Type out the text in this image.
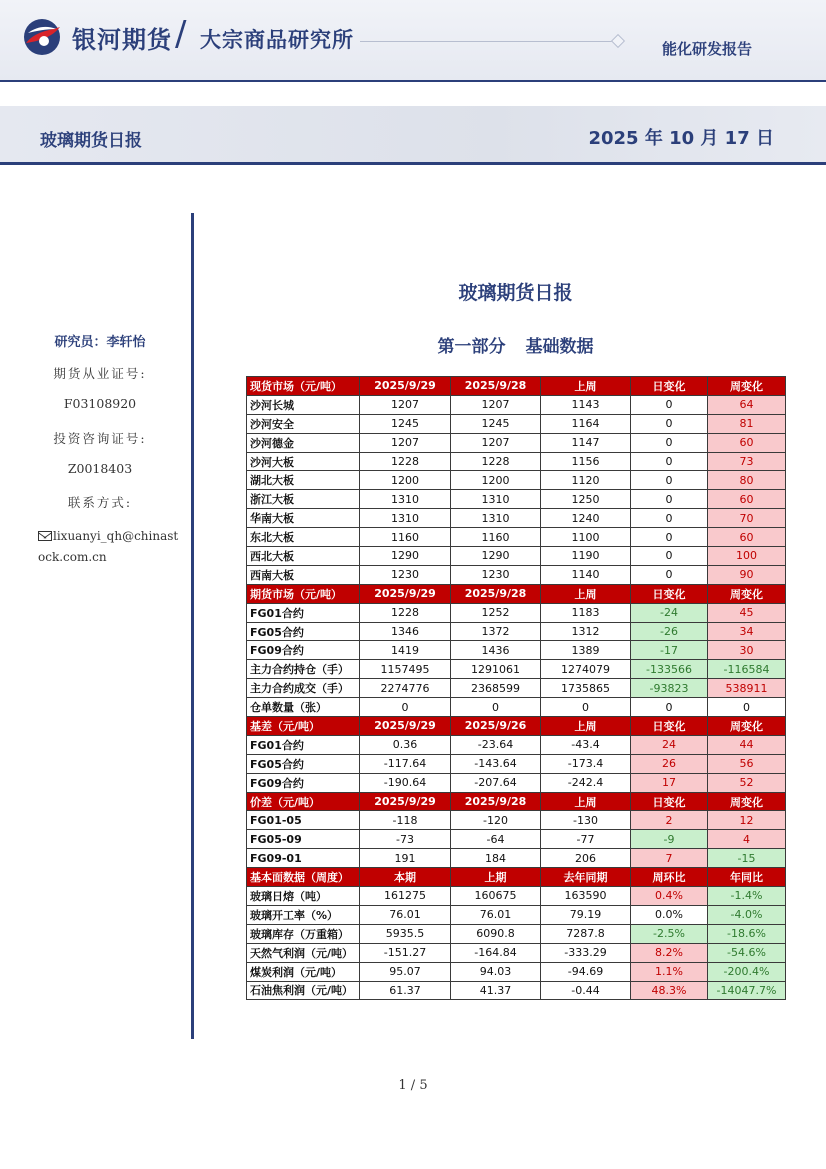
银河期货 / 大宗商品研究所	能化研发报告
玻璃期货日报	2025 年 10 月 17 日
研究员：李轩怡
期货从业证号:
F03108920
投资咨询证号:
Z0018403
联系方式:
lixuanyi_qh@chinastock.com.cn
玻璃期货日报
第一部分 基础数据
现货市场（元/吨）	2025/9/29	2025/9/28	上周	日变化	周变化
沙河长城	1207	1207	1143	0	64
沙河安全	1245	1245	1164	0	81
沙河德金	1207	1207	1147	0	60
沙河大板	1228	1228	1156	0	73
湖北大板	1200	1200	1120	0	80
浙江大板	1310	1310	1250	0	60
华南大板	1310	1310	1240	0	70
东北大板	1160	1160	1100	0	60
西北大板	1290	1290	1190	0	100
西南大板	1230	1230	1140	0	90
期货市场（元/吨）	2025/9/29	2025/9/28	上周	日变化	周变化
FG01合约	1228	1252	1183	-24	45
FG05合约	1346	1372	1312	-26	34
FG09合约	1419	1436	1389	-17	30
主力合约持仓（手）	1157495	1291061	1274079	-133566	-116584
主力合约成交（手）	2274776	2368599	1735865	-93823	538911
仓单数量（张）	0	0	0	0	0
基差（元/吨）	2025/9/29	2025/9/26	上周	日变化	周变化
FG01合约	0.36	-23.64	-43.4	24	44
FG05合约	-117.64	-143.64	-173.4	26	56
FG09合约	-190.64	-207.64	-242.4	17	52
价差（元/吨）	2025/9/29	2025/9/28	上周	日变化	周变化
FG01-05	-118	-120	-130	2	12
FG05-09	-73	-64	-77	-9	4
FG09-01	191	184	206	7	-15
基本面数据（周度）	本期	上期	去年同期	周环比	年同比
玻璃日熔（吨）	161275	160675	163590	0.4%	-1.4%
玻璃开工率（%）	76.01	76.01	79.19	0.0%	-4.0%
玻璃库存（万重箱）	5935.5	6090.8	7287.8	-2.5%	-18.6%
天然气利润（元/吨）	-151.27	-164.84	-333.29	8.2%	-54.6%
煤炭利润（元/吨）	95.07	94.03	-94.69	1.1%	-200.4%
石油焦利润（元/吨）	61.37	41.37	-0.44	48.3%	-14047.7%
1 / 5
